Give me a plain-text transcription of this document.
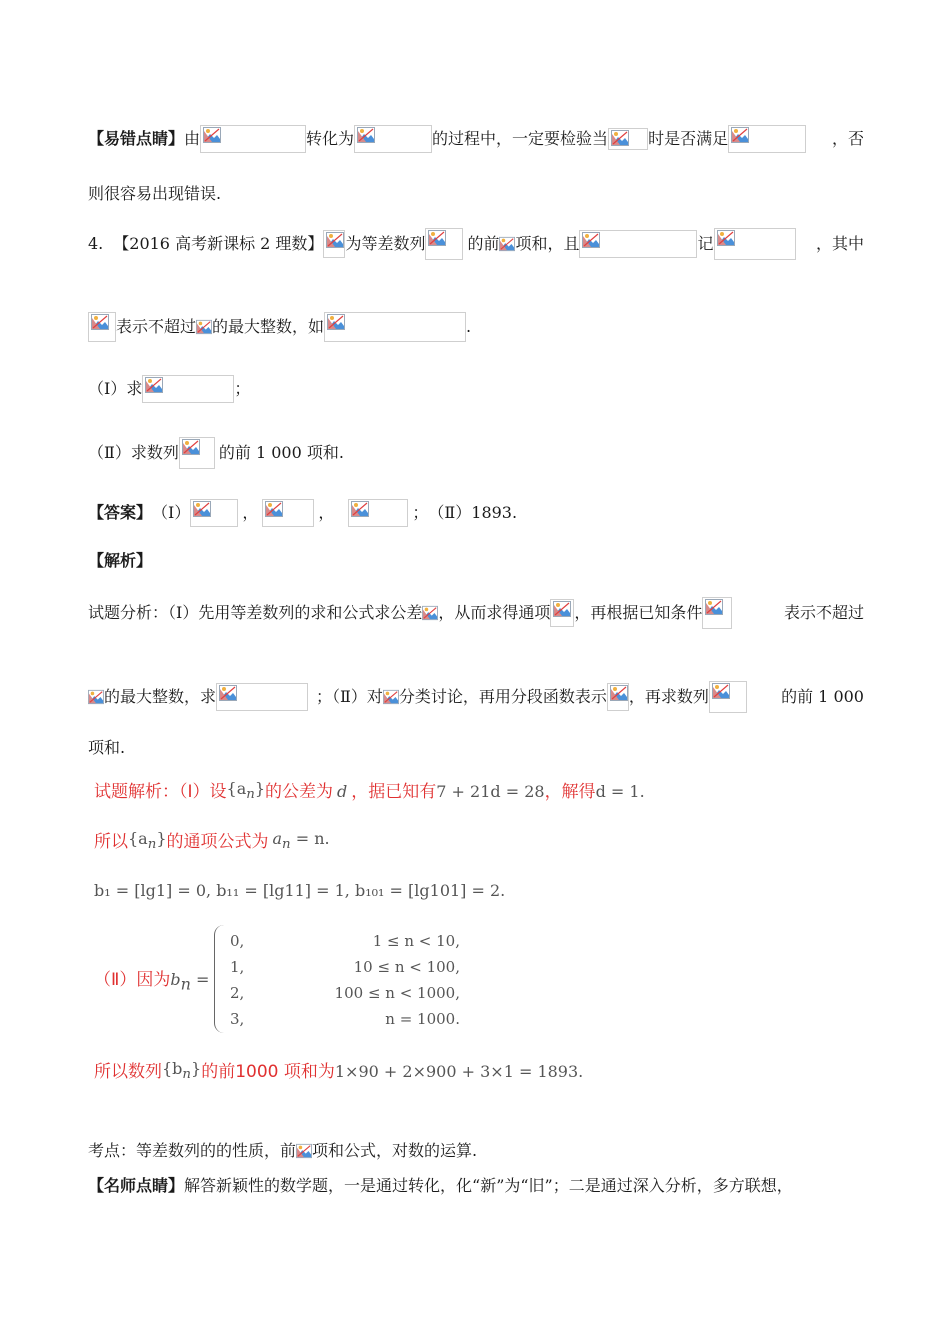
【易错点睛】 由	转化为	的过程中，一定要检验当	时是否满足	，否
则很容易出现错误.
4. 【2016 高考新课标 2 理数】 为等差数列	的前 项和，且	记	，其中
表示不超过 的最大整数，如	.
（Ⅰ）求	；
（Ⅱ）求数列	的前 1 000 项和.
【答案】 （Ⅰ）	，	，	； （Ⅱ）1893.
【解析】
试题分析：（Ⅰ）先用等差数列的求和公式求公差 ，从而求得通项 ，再根据已知条件	表示不超过
的最大整数，求	；（Ⅱ）对 分类讨论，再用分段函数表示 ，再求数列	的前 1 000
项和.
试题解析：（Ⅰ）设 $\{a_n\}$ 的公差为 d ，据已知有 7 + 21d = 28 ，解得 d = 1.
所以 $\{a_n\}$ 的通项公式为 $a_n = n$.
b₁ = [lg1] = 0, b₁₁ = [lg11] = 1, b₁₀₁ = [lg101] = 2.
（Ⅱ）因为$b_n$ =
0,	1 ≤ n < 10,
1,	10 ≤ n < 100,
2,	100 ≤ n < 1000,
3,	n = 1000.
所以数列 $\{b_n\}$ 的前1000 项和为 1×90 + 2×900 + 3×1 = 1893.
考点：等差数列的的性质，前 项和公式，对数的运算.
【名师点睛】 解答新颖性的数学题，一是通过转化，化“新”为“旧”；二是通过深入分析，多方联想，
